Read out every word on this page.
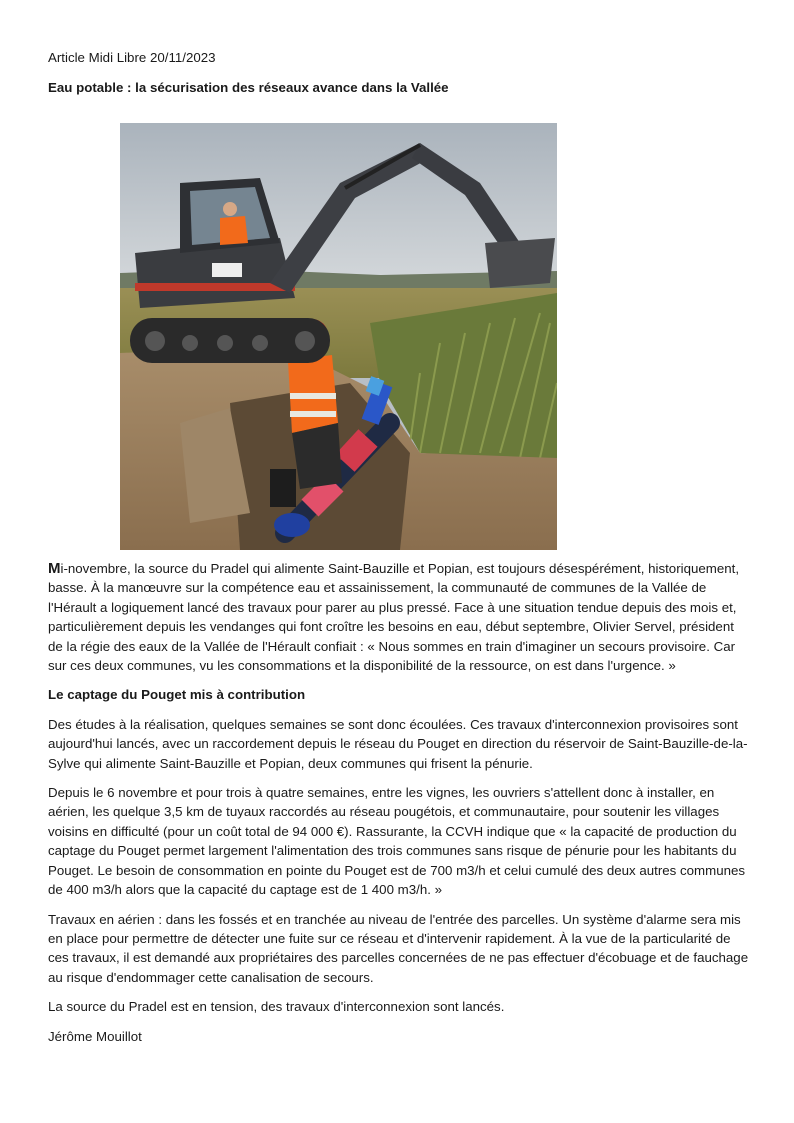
Article Midi Libre 20/11/2023

Eau potable : la sécurisation des réseaux avance dans la Vallée

Mi-novembre, la source du Pradel qui alimente Saint-Bauzille et Popian, est toujours désespérément, historiquement, basse. À la manœuvre sur la compétence eau et assainissement, la communauté de communes de la Vallée de l'Hérault a logiquement lancé des travaux pour parer au plus pressé. Face à une situation tendue depuis des mois et, particulièrement depuis les vendanges qui font croître les besoins en eau, début septembre, Olivier Servel, président de la régie des eaux de la Vallée de l'Hérault confiait : « Nous sommes en train d'imaginer un secours provisoire. Car sur ces deux communes, vu les consommations et la disponibilité de la ressource, on est dans l'urgence. »

Le captage du Pouget mis à contribution

Des études à la réalisation, quelques semaines se sont donc écoulées. Ces travaux d'interconnexion provisoires sont aujourd'hui lancés, avec un raccordement depuis le réseau du Pouget en direction du réservoir de Saint-Bauzille-de-la-Sylve qui alimente Saint-Bauzille et Popian, deux communes qui frisent la pénurie.

Depuis le 6 novembre et pour trois à quatre semaines, entre les vignes, les ouvriers s'attellent donc à installer, en aérien, les quelque 3,5 km de tuyaux raccordés au réseau pougétois, et communautaire, pour soutenir les villages voisins en difficulté (pour un coût total de 94 000 €). Rassurante, la CCVH indique que « la capacité de production du captage du Pouget permet largement l'alimentation des trois communes sans risque de pénurie pour les habitants du Pouget. Le besoin de consommation en pointe du Pouget est de 700 m3/h et celui cumulé des deux autres communes de 400 m3/h alors que la capacité du captage est de 1 400 m3/h. »

Travaux en aérien : dans les fossés et en tranchée au niveau de l'entrée des parcelles. Un système d'alarme sera mis en place pour permettre de détecter une fuite sur ce réseau et d'intervenir rapidement. À la vue de la particularité de ces travaux, il est demandé aux propriétaires des parcelles concernées de ne pas effectuer d'écobuage et de fauchage au risque d'endommager cette canalisation de secours.

La source du Pradel est en tension, des travaux d'interconnexion sont lancés.

Jérôme Mouillot
